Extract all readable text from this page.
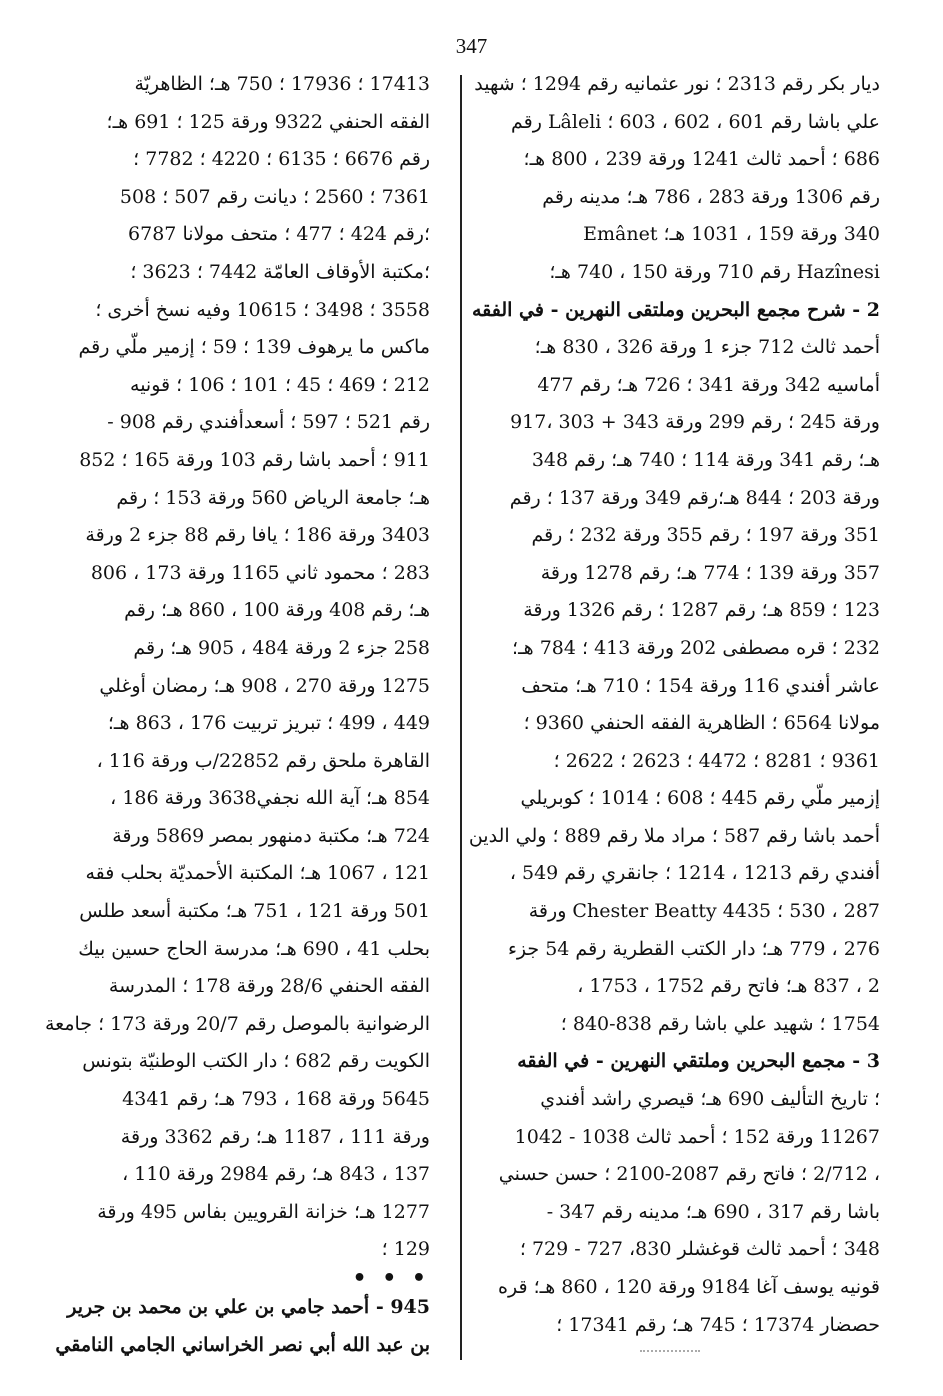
347
ديار بكر رقم 2313 ؛ نور عثمانيه رقم 1294 ؛ شهيد
علي باشا رقم 601 ، 602 ، 603 ؛ Lâleli رقم
686 ؛ أحمد ثالث 1241 ورقة 239 ، 800 هـ؛
رقم 1306 ورقة 283 ، 786 هـ؛ مدينه رقم
340 ورقة 159 ، 1031 هـ؛ Emânet
Hazînesi رقم 710 ورقة 150 ، 740 هـ؛
2 - شرح مجمع البحرين وملتقى النهرين - في الفقه
أحمد ثالث 712 جزء 1 ورقة 326 ، 830 هـ؛
أماسيه 342 ورقة 341 ؛ 726 هـ؛ رقم 477
ورقة 245 ؛ رقم 299 ورقة 343 + 303 ،917
هـ؛ رقم 341 ورقة 114 ؛ 740 هـ؛ رقم 348
ورقة 203 ؛ 844 هـ؛رقم 349 ورقة 137 ؛ رقم
351 ورقة 197 ؛ رقم 355 ورقة 232 ؛ رقم
357 ورقة 139 ؛ 774 هـ؛ رقم 1278 ورقة
123 ؛ 859 هـ؛ رقم 1287 ؛ رقم 1326 ورقة
232 ؛ قره مصطفى 202 ورقة 413 ؛ 784 هـ؛
عاشر أفندي 116 ورقة 154 ؛ 710 هـ؛ متحف
مولانا 6564 ؛ الظاهرية الفقه الحنفي 9360 ؛
9361 ؛ 8281 ؛ 4472 ؛ 2623 ؛ 2622 ؛
إزمير ملّي رقم 445 ؛ 608 ؛ 1014 ؛ كوبريلي
أحمد باشا رقم 587 ؛ مراد ملا رقم 889 ؛ ولي الدين
أفندي رقم 1213 ، 1214 ؛ جانقري رقم 549 ،
287 ، 530 ؛ Chester Beatty 4435 ورقة
276 ، 779 هـ؛ دار الكتب القطرية رقم 54 جزء
2 ، 837 هـ؛ فاتح رقم 1752 ، 1753 ،
1754 ؛ شهيد علي باشا رقم 838-840 ؛
3 - مجمع البحرين وملتقي النهرين - في الفقه
؛ تاريخ التأليف 690 هـ؛ قيصري راشد أفندي
11267 ورقة 152 ؛ أحمد ثالث 1038 - 1042
، 2/712 ؛ فاتح رقم 2087-2100 ؛ حسن حسني
باشا رقم 317 ، 690 هـ؛ مدينه رقم 347 -
348 ؛ أحمد ثالث قوغشلر 830، 727 - 729 ؛
قونيه يوسف آغا 9184 ورقة 120 ، 860 هـ؛ قره
حصضار 17374 ؛ 745 هـ؛ رقم 17341 ؛
17413 ؛ 17936 ؛ 750 هـ؛ الظاهريّة
الفقه الحنفي 9322 ورقة 125 ؛ 691 هـ؛
رقم 6676 ؛ 6135 ؛ 4220 ؛ 7782 ؛
7361 ؛ 2560 ؛ ديانت رقم 507 ؛ 508
؛رقم 424 ؛ 477 ؛ متحف مولانا 6787
؛مكتبة الأوقاف العامّة 7442 ؛ 3623 ؛
3558 ؛ 3498 ؛ 10615 وفيه نسخ أخرى ؛
ماكس ما يرهوف 139 ؛ 59 ؛ إزمير ملّي رقم
212 ؛ 469 ؛ 45 ؛ 101 ؛ 106 ؛ قونيه
رقم 521 ؛ 597 ؛ أسعدأفندي رقم 908 -
911 ؛ أحمد باشا رقم 103 ورقة 165 ؛ 852
هـ؛ جامعة الرياض 560 ورقة 153 ؛ رقم
3403 ورقة 186 ؛ يافا رقم 88 جزء 2 ورقة
283 ؛ محمود ثاني 1165 ورقة 173 ، 806
هـ؛ رقم 408 ورقة 100 ، 860 هـ؛ رقم
258 جزء 2 ورقة 484 ، 905 هـ؛ رقم
1275 ورقة 270 ، 908 هـ؛ رمضان أوغلي
449 ، 499 ؛ تبريز تربيت 176 ، 863 هـ؛
القاهرة ملحق رقم 22852/ب ورقة 116 ،
854 هـ؛ آية الله نجفي3638 ورقة 186 ،
724 هـ؛ مكتبة دمنهور بمصر 5869 ورقة
121 ، 1067 هـ؛ المكتبة الأحمديّة بحلب فقه
501 ورقة 121 ، 751 هـ؛ مكتبة أسعد طلس
بحلب 41 ، 690 هـ؛ مدرسة الحاج حسين بيك
الفقه الحنفي 28/6 ورقة 178 ؛ المدرسة
الرضوانية بالموصل رقم 20/7 ورقة 173 ؛ جامعة
الكويت رقم 682 ؛ دار الكتب الوطنيّة بتونس
5645 ورقة 168 ، 793 هـ؛ رقم 4341
ورقة 111 ، 1187 هـ؛ رقم 3362 ورقة
137 ، 843 هـ؛ رقم 2984 ورقة 110 ،
1277 هـ؛ خزانة القرويين بفاس 495 ورقة
129 ؛
• • •
945 - أحمد جامي بن علي بن محمد بن جرير
بن عبد الله أبي نصر الخراساني الجامي النامقي
